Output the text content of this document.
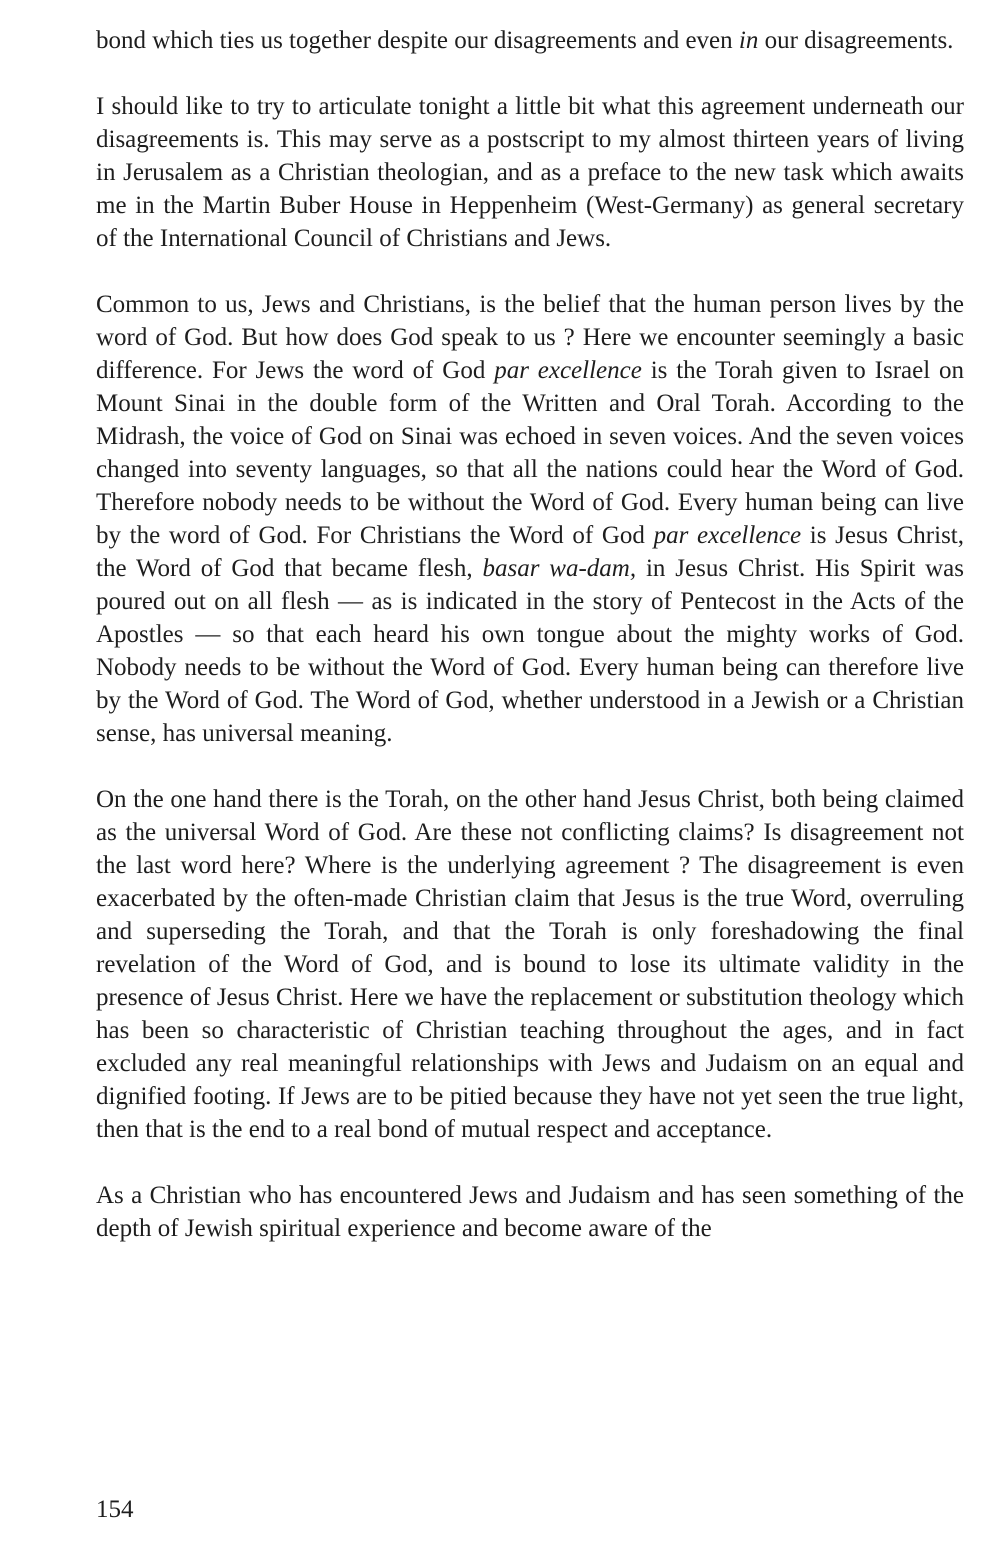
bond which ties us together despite our disagreements and even in our disagreements.

I should like to try to articulate tonight a little bit what this agreement underneath our disagreements is. This may serve as a postscript to my almost thirteen years of living in Jerusalem as a Christian theologian, and as a preface to the new task which awaits me in the Martin Buber House in Heppenheim (West-Germany) as general secretary of the International Council of Christians and Jews.

Common to us, Jews and Christians, is the belief that the human person lives by the word of God. But how does God speak to us ? Here we encounter seemingly a basic difference. For Jews the word of God par excellence is the Torah given to Israel on Mount Sinai in the double form of the Written and Oral Torah. According to the Midrash, the voice of God on Sinai was echoed in seven voices. And the seven voices changed into seventy languages, so that all the nations could hear the Word of God. Therefore nobody needs to be without the Word of God. Every human being can live by the word of God. For Christians the Word of God par excellence is Jesus Christ, the Word of God that became flesh, basar wa-dam, in Jesus Christ. His Spirit was poured out on all flesh — as is indicated in the story of Pentecost in the Acts of the Apostles — so that each heard his own tongue about the mighty works of God. Nobody needs to be without the Word of God. Every human being can therefore live by the Word of God. The Word of God, whether understood in a Jewish or a Christian sense, has universal meaning.

On the one hand there is the Torah, on the other hand Jesus Christ, both being claimed as the universal Word of God. Are these not conflicting claims? Is disagreement not the last word here? Where is the underlying agreement ? The disagreement is even exacerbated by the often-made Christian claim that Jesus is the true Word, overruling and superseding the Torah, and that the Torah is only foreshadowing the final revelation of the Word of God, and is bound to lose its ultimate validity in the presence of Jesus Christ. Here we have the replacement or substitution theology which has been so characteristic of Christian teaching throughout the ages, and in fact excluded any real meaningful relationships with Jews and Judaism on an equal and dignified footing. If Jews are to be pitied because they have not yet seen the true light, then that is the end to a real bond of mutual respect and acceptance.

As a Christian who has encountered Jews and Judaism and has seen something of the depth of Jewish spiritual experience and become aware of the

154
